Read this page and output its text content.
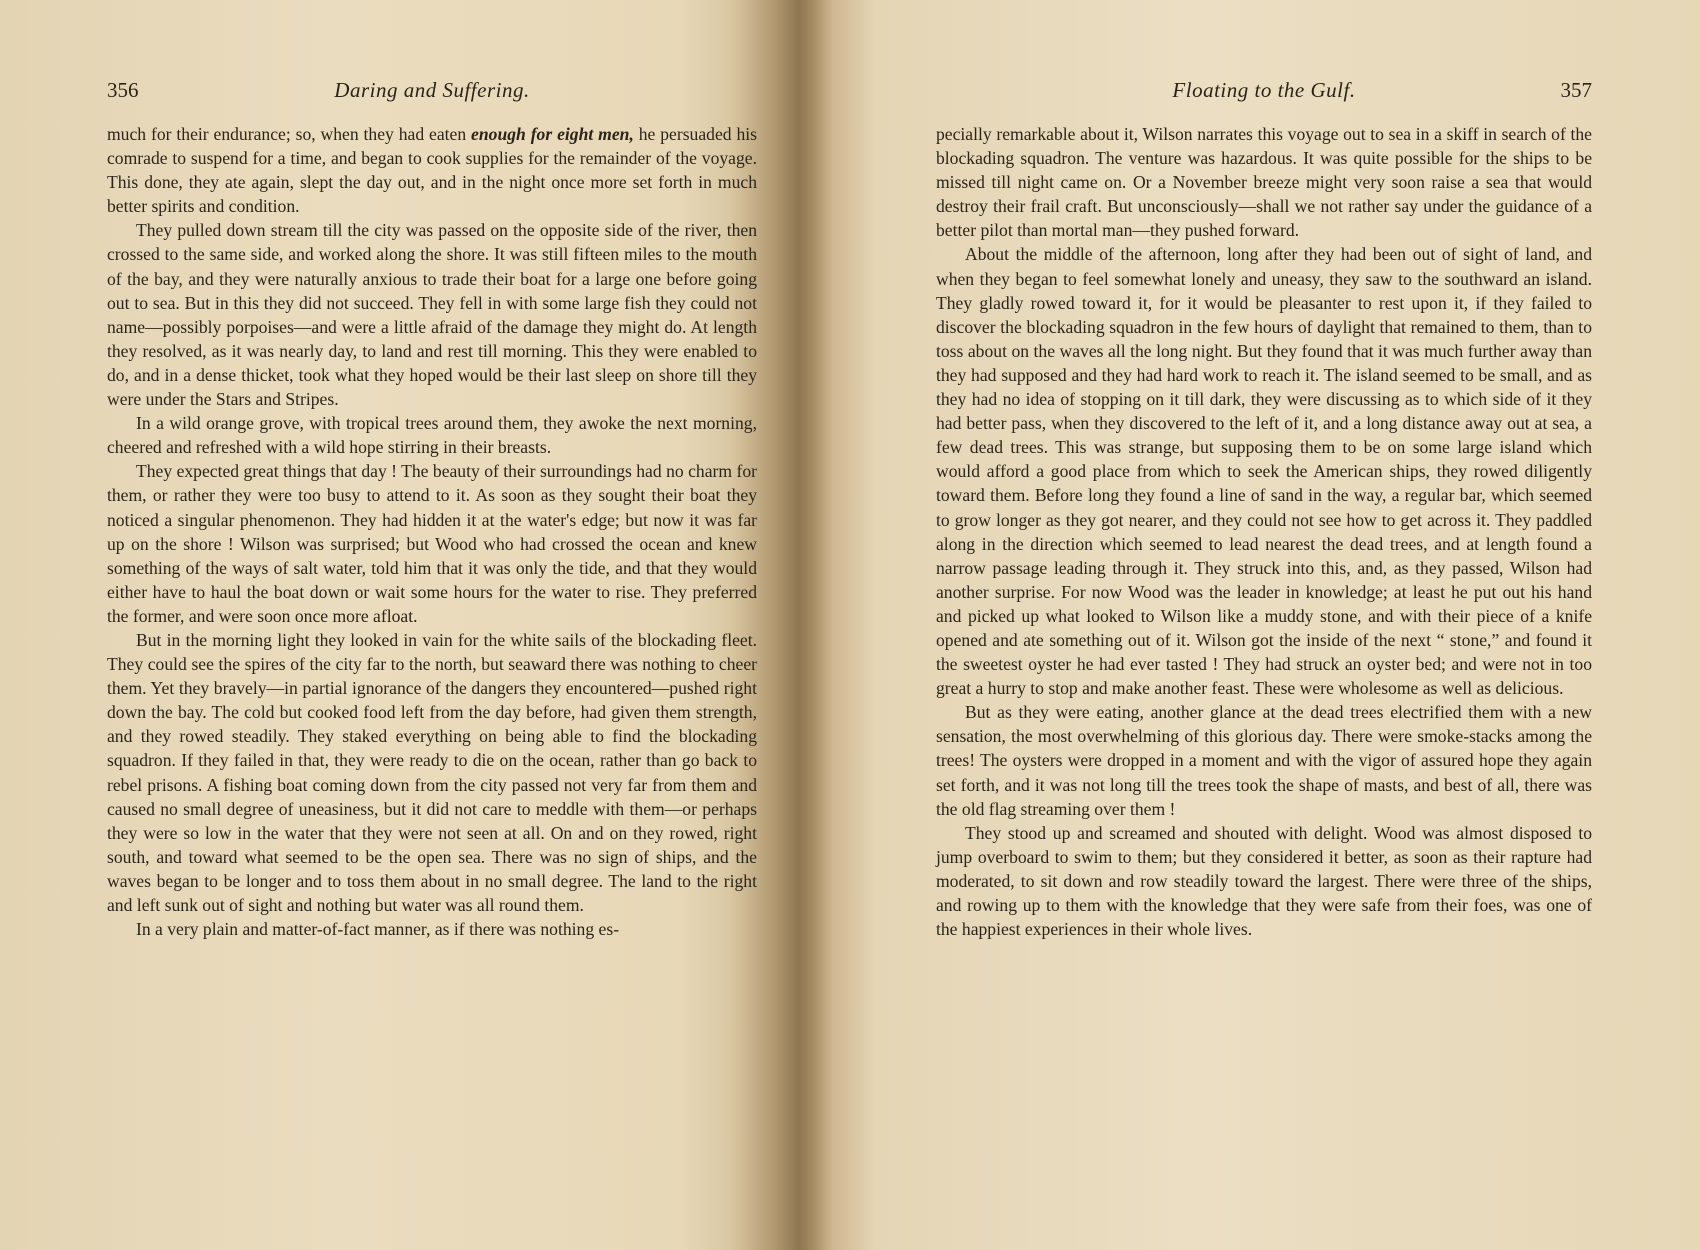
356	Daring and Suffering.

much for their endurance; so, when they had eaten enough for eight men, he persuaded his comrade to suspend for a time, and began to cook supplies for the remainder of the voyage. This done, they ate again, slept the day out, and in the night once more set forth in much better spirits and condition.

They pulled down stream till the city was passed on the opposite side of the river, then crossed to the same side, and worked along the shore. It was still fifteen miles to the mouth of the bay, and they were naturally anxious to trade their boat for a large one before going out to sea. But in this they did not succeed. They fell in with some large fish they could not name—possibly porpoises—and were a little afraid of the damage they might do. At length they resolved, as it was nearly day, to land and rest till morning. This they were enabled to do, and in a dense thicket, took what they hoped would be their last sleep on shore till they were under the Stars and Stripes.

In a wild orange grove, with tropical trees around them, they awoke the next morning, cheered and refreshed with a wild hope stirring in their breasts.

They expected great things that day ! The beauty of their surroundings had no charm for them, or rather they were too busy to attend to it. As soon as they sought their boat they noticed a singular phenomenon. They had hidden it at the water's edge; but now it was far up on the shore ! Wilson was surprised; but Wood who had crossed the ocean and knew something of the ways of salt water, told him that it was only the tide, and that they would either have to haul the boat down or wait some hours for the water to rise. They preferred the former, and were soon once more afloat.

But in the morning light they looked in vain for the white sails of the blockading fleet. They could see the spires of the city far to the north, but seaward there was nothing to cheer them. Yet they bravely—in partial ignorance of the dangers they encountered—pushed right down the bay. The cold but cooked food left from the day before, had given them strength, and they rowed steadily. They staked everything on being able to find the blockading squadron. If they failed in that, they were ready to die on the ocean, rather than go back to rebel prisons. A fishing boat coming down from the city passed not very far from them and caused no small degree of uneasiness, but it did not care to meddle with them—or perhaps they were so low in the water that they were not seen at all. On and on they rowed, right south, and toward what seemed to be the open sea. There was no sign of ships, and the waves began to be longer and to toss them about in no small degree. The land to the right and left sunk out of sight and nothing but water was all round them.

In a very plain and matter-of-fact manner, as if there was nothing es-

Floating to the Gulf.	357

pecially remarkable about it, Wilson narrates this voyage out to sea in a skiff in search of the blockading squadron. The venture was hazardous. It was quite possible for the ships to be missed till night came on. Or a November breeze might very soon raise a sea that would destroy their frail craft. But unconsciously—shall we not rather say under the guidance of a better pilot than mortal man—they pushed forward.

About the middle of the afternoon, long after they had been out of sight of land, and when they began to feel somewhat lonely and uneasy, they saw to the southward an island. They gladly rowed toward it, for it would be pleasanter to rest upon it, if they failed to discover the blockading squadron in the few hours of daylight that remained to them, than to toss about on the waves all the long night. But they found that it was much further away than they had supposed and they had hard work to reach it. The island seemed to be small, and as they had no idea of stopping on it till dark, they were discussing as to which side of it they had better pass, when they discovered to the left of it, and a long distance away out at sea, a few dead trees. This was strange, but supposing them to be on some large island which would afford a good place from which to seek the American ships, they rowed diligently toward them. Before long they found a line of sand in the way, a regular bar, which seemed to grow longer as they got nearer, and they could not see how to get across it. They paddled along in the direction which seemed to lead nearest the dead trees, and at length found a narrow passage leading through it. They struck into this, and, as they passed, Wilson had another surprise. For now Wood was the leader in knowledge; at least he put out his hand and picked up what looked to Wilson like a muddy stone, and with their piece of a knife opened and ate something out of it. Wilson got the inside of the next “ stone,” and found it the sweetest oyster he had ever tasted ! They had struck an oyster bed; and were not in too great a hurry to stop and make another feast. These were wholesome as well as delicious.

But as they were eating, another glance at the dead trees electrified them with a new sensation, the most overwhelming of this glorious day. There were smoke-stacks among the trees! The oysters were dropped in a moment and with the vigor of assured hope they again set forth, and it was not long till the trees took the shape of masts, and best of all, there was the old flag streaming over them !

They stood up and screamed and shouted with delight. Wood was almost disposed to jump overboard to swim to them; but they considered it better, as soon as their rapture had moderated, to sit down and row steadily toward the largest. There were three of the ships, and rowing up to them with the knowledge that they were safe from their foes, was one of the happiest experiences in their whole lives.
